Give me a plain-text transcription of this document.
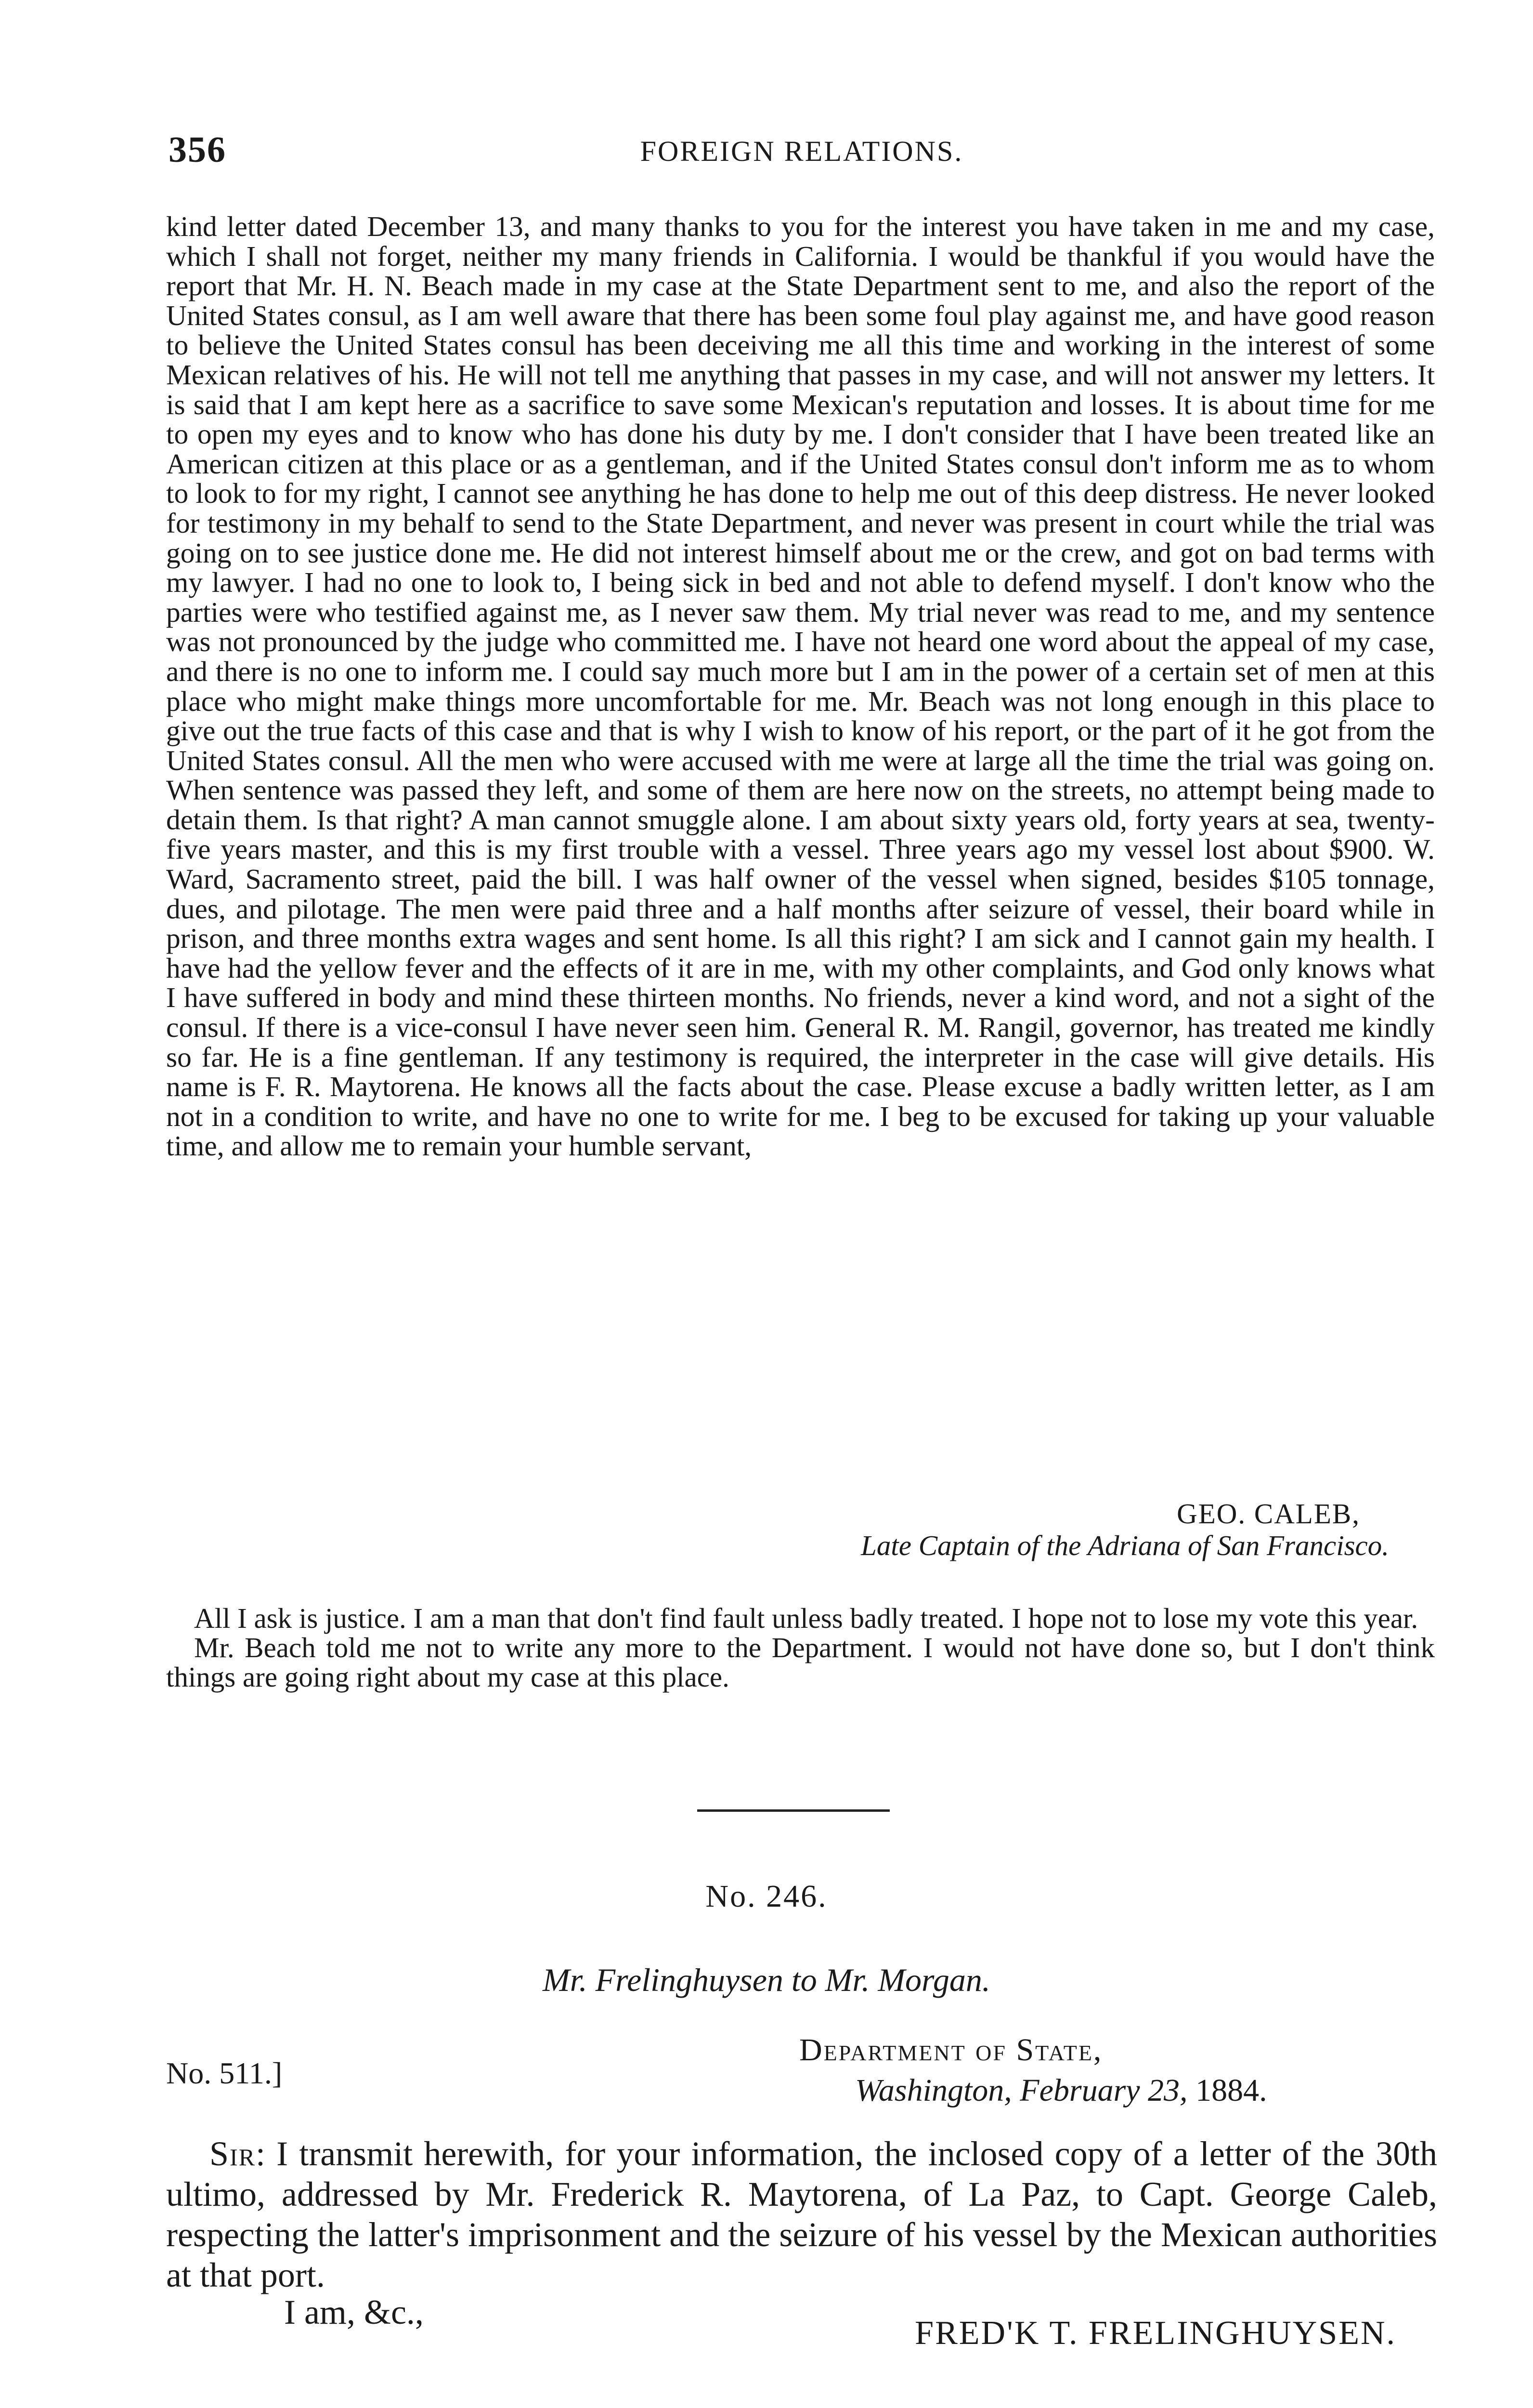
356	FOREIGN RELATIONS.

kind letter dated December 13, and many thanks to you for the interest you have taken in me and my case, which I shall not forget, neither my many friends in California. I would be thankful if you would have the report that Mr. H. N. Beach made in my case at the State Department sent to me, and also the report of the United States consul, as I am well aware that there has been some foul play against me, and have good reason to believe the United States consul has been deceiving me all this time and working in the interest of some Mexican relatives of his. He will not tell me anything that passes in my case, and will not answer my letters. It is said that I am kept here as a sacrifice to save some Mexican's reputation and losses. It is about time for me to open my eyes and to know who has done his duty by me. I don't consider that I have been treated like an American citizen at this place or as a gentleman, and if the United States consul don't inform me as to whom to look to for my right, I cannot see anything he has done to help me out of this deep distress. He never looked for testimony in my behalf to send to the State Department, and never was present in court while the trial was going on to see justice done me. He did not interest himself about me or the crew, and got on bad terms with my lawyer. I had no one to look to, I being sick in bed and not able to defend myself. I don't know who the parties were who testified against me, as I never saw them. My trial never was read to me, and my sentence was not pronounced by the judge who committed me. I have not heard one word about the appeal of my case, and there is no one to inform me. I could say much more but I am in the power of a certain set of men at this place who might make things more uncomfortable for me. Mr. Beach was not long enough in this place to give out the true facts of this case and that is why I wish to know of his report, or the part of it he got from the United States consul. All the men who were accused with me were at large all the time the trial was going on. When sentence was passed they left, and some of them are here now on the streets, no attempt being made to detain them. Is that right? A man cannot smuggle alone. I am about sixty years old, forty years at sea, twenty-five years master, and this is my first trouble with a vessel. Three years ago my vessel lost about $900. W. Ward, Sacramento street, paid the bill. I was half owner of the vessel when signed, besides $105 tonnage, dues, and pilotage. The men were paid three and a half months after seizure of vessel, their board while in prison, and three months extra wages and sent home. Is all this right? I am sick and I cannot gain my health. I have had the yellow fever and the effects of it are in me, with my other complaints, and God only knows what I have suffered in body and mind these thirteen months. No friends, never a kind word, and not a sight of the consul. If there is a vice-consul I have never seen him. General R. M. Rangil, governor, has treated me kindly so far. He is a fine gentleman. If any testimony is required, the interpreter in the case will give details. His name is F. R. Maytorena. He knows all the facts about the case. Please excuse a badly written letter, as I am not in a condition to write, and have no one to write for me. I beg to be excused for taking up your valuable time, and allow me to remain your humble servant,

GEO. CALEB,
Late Captain of the Adriana of San Francisco.

All I ask is justice. I am a man that don't find fault unless badly treated. I hope not to lose my vote this year.

Mr. Beach told me not to write any more to the Department. I would not have done so, but I don't think things are going right about my case at this place.

No. 246.
Mr. Frelinghuysen to Mr. Morgan.
No. 511.]
Department of State,
Washington, February 23, 1884.

Sir: I transmit herewith, for your information, the inclosed copy of a letter of the 30th ultimo, addressed by Mr. Frederick R. Maytorena, of La Paz, to Capt. George Caleb, respecting the latter's imprisonment and the seizure of his vessel by the Mexican authorities at that port.

I am, &c.,
FRED'K T. FRELINGHUYSEN.
